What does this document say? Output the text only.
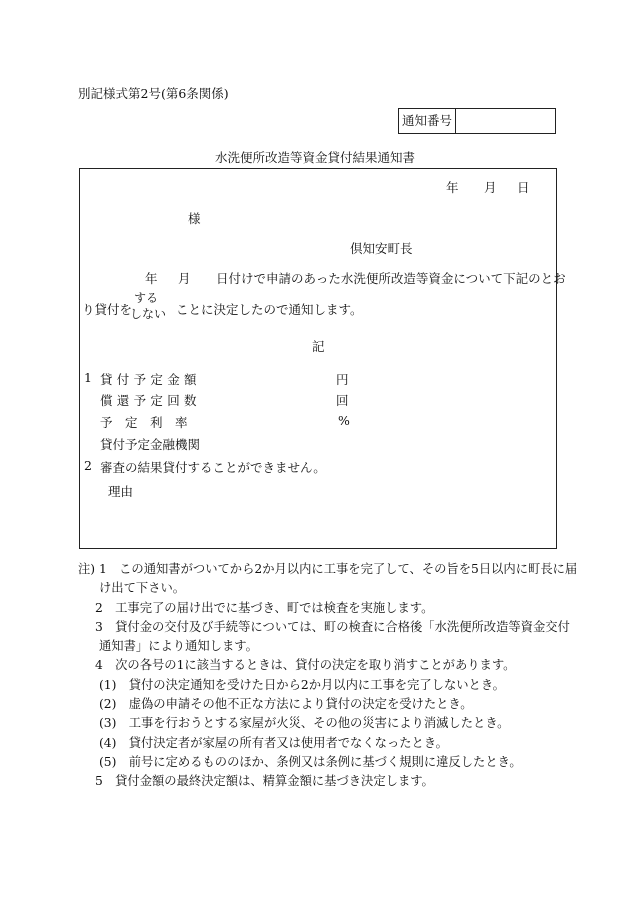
別記様式第2号(第6条関係)
通知番号
水洗便所改造等資金貸付結果通知書
年 月 日
様
倶知安町長
年 月 日付けで申請のあった水洗便所改造等資金について下記のとお
り貸付を
する
しない ことに決定したので通知します。
記
1 貸付予定金額	円
償還予定回数	回
予　定　利　率	%
貸付予定金融機関
2 審査の結果貸付することができません。
理由
注) 1　この通知書がついてから2か月以内に工事を完了して、その旨を5日以内に町長に届
け出て下さい。
2　工事完了の届け出でに基づき、町では検査を実施します。
3　貸付金の交付及び手続等については、町の検査に合格後「水洗便所改造等資金交付
通知書」により通知します。
4　次の各号の1に該当するときは、貸付の決定を取り消すことがあります。
(1)　貸付の決定通知を受けた日から2か月以内に工事を完了しないとき。
(2)　虚偽の申請その他不正な方法により貸付の決定を受けたとき。
(3)　工事を行おうとする家屋が火災、その他の災害により消滅したとき。
(4)　貸付決定者が家屋の所有者又は使用者でなくなったとき。
(5)　前号に定めるもののほか、条例又は条例に基づく規則に違反したとき。
5　貸付金額の最終決定額は、精算金額に基づき決定します。
